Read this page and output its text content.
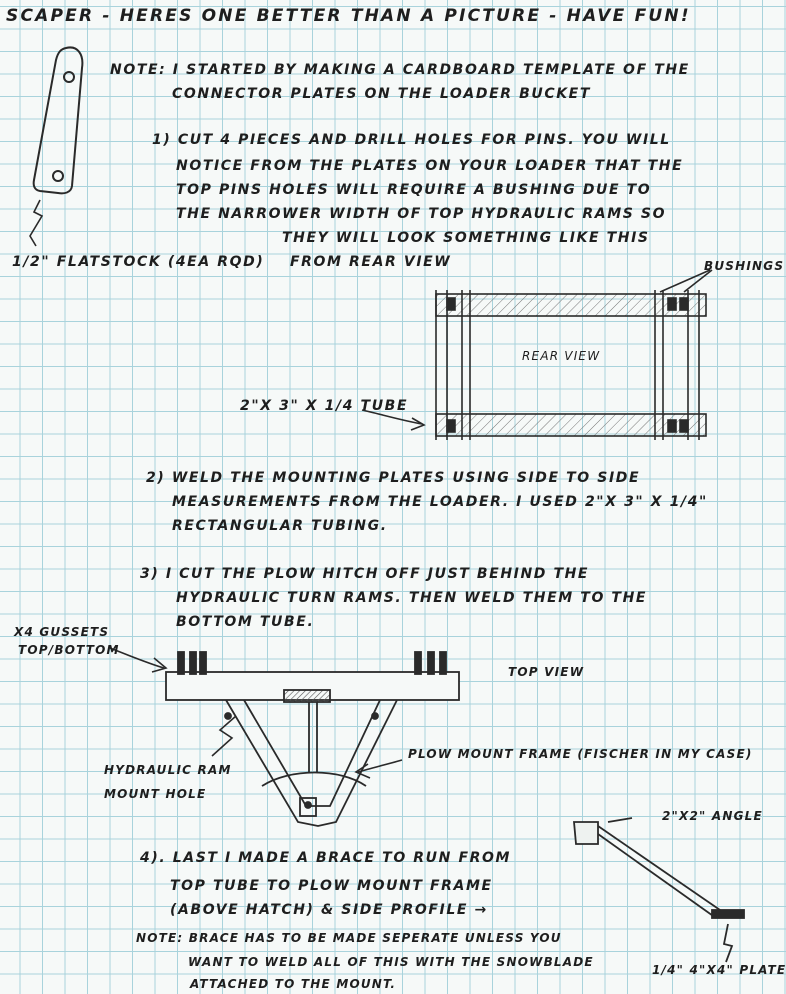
SCAPER - HERES ONE BETTER THAN A PICTURE - HAVE FUN!
NOTE: I STARTED BY MAKING A CARDBOARD TEMPLATE OF THE
CONNECTOR PLATES ON THE LOADER BUCKET
1) CUT 4 PIECES AND DRILL HOLES FOR PINS. YOU WILL
NOTICE FROM THE PLATES ON YOUR LOADER THAT THE
TOP PINS HOLES WILL REQUIRE A BUSHING DUE TO
THE NARROWER WIDTH OF TOP HYDRAULIC RAMS SO
THEY WILL LOOK SOMETHING LIKE THIS
FROM REAR VIEW
1/2" FLATSTOCK (4EA RQD)	BUSHINGS
REAR VIEW
2"X 3" X 1/4 TUBE
2) WELD THE MOUNTING PLATES USING SIDE TO SIDE
MEASUREMENTS FROM THE LOADER. I USED 2"X 3" X 1/4"
RECTANGULAR TUBING.
3) I CUT THE PLOW HITCH OFF JUST BEHIND THE
HYDRAULIC TURN RAMS. THEN WELD THEM TO THE
BOTTOM TUBE.
X4 GUSSETS
TOP/BOTTOM
TOP VIEW
PLOW MOUNT FRAME (FISCHER IN MY CASE)
HYDRAULIC RAM
MOUNT HOLE
2"X2" ANGLE
4). LAST I MADE A BRACE TO RUN FROM
TOP TUBE TO PLOW MOUNT FRAME
(ABOVE HATCH) & SIDE PROFILE →
NOTE: BRACE HAS TO BE MADE SEPERATE UNLESS YOU
WANT TO WELD ALL OF THIS WITH THE SNOWBLADE
ATTACHED TO THE MOUNT.
1/4" 4"X4" PLATE
